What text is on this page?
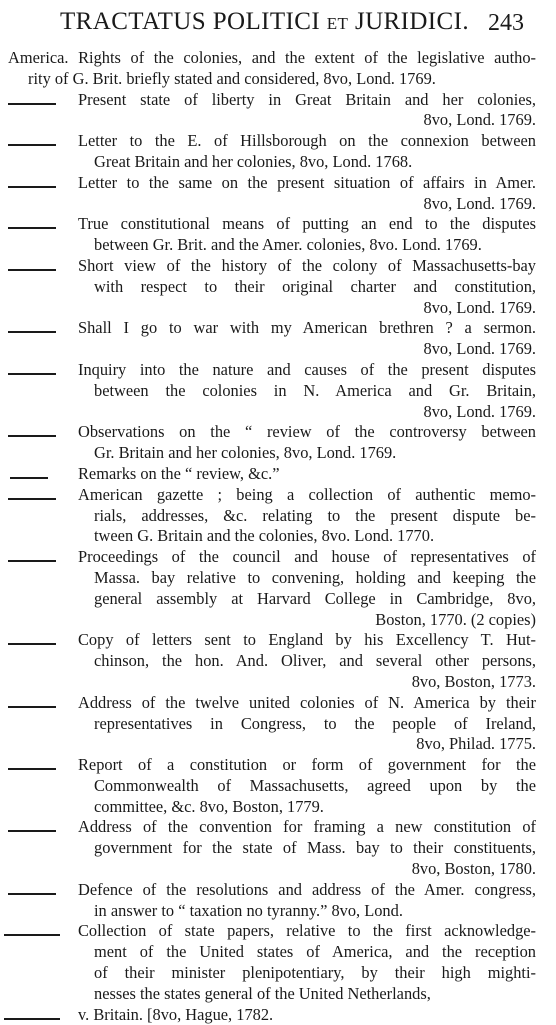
TRACTATUS POLITICI ET JURIDICI. 243
America. Rights of the colonies, and the extent of the legislative autho-
rity of G. Brit. briefly stated and considered, 8vo, Lond. 1769.
Present state of liberty in Great Britain and her colonies,
8vo, Lond. 1769.
Letter to the E. of Hillsborough on the connexion between
Great Britain and her colonies, 8vo, Lond. 1768.
Letter to the same on the present situation of affairs in Amer.
8vo, Lond. 1769.
True constitutional means of putting an end to the disputes
between Gr. Brit. and the Amer. colonies, 8vo. Lond. 1769.
Short view of the history of the colony of Massachusetts-bay
with respect to their original charter and constitution,
8vo, Lond. 1769.
Shall I go to war with my American brethren ? a sermon.
8vo, Lond. 1769.
Inquiry into the nature and causes of the present disputes
between the colonies in N. America and Gr. Britain,
8vo, Lond. 1769.
Observations on the “ review of the controversy between
Gr. Britain and her colonies, 8vo, Lond. 1769.
Remarks on the “ review, &c.”
American gazette ; being a collection of authentic memo-
rials, addresses, &c. relating to the present dispute be-
tween G. Britain and the colonies, 8vo. Lond. 1770.
Proceedings of the council and house of representatives of
Massa. bay relative to convening, holding and keeping the
general assembly at Harvard College in Cambridge, 8vo,
Boston, 1770. (2 copies)
Copy of letters sent to England by his Excellency T. Hut-
chinson, the hon. And. Oliver, and several other persons,
8vo, Boston, 1773.
Address of the twelve united colonies of N. America by their
representatives in Congress, to the people of Ireland,
8vo, Philad. 1775.
Report of a constitution or form of government for the
Commonwealth of Massachusetts, agreed upon by the
committee, &c. 8vo, Boston, 1779.
Address of the convention for framing a new constitution of
government for the state of Mass. bay to their constituents,
8vo, Boston, 1780.
Defence of the resolutions and address of the Amer. congress,
in answer to “ taxation no tyranny.” 8vo, Lond.
Collection of state papers, relative to the first acknowledge-
ment of the United states of America, and the reception
of their minister plenipotentiary, by their high mighti-
nesses the states general of the United Netherlands,
v. Britain. [8vo, Hague, 1782.
